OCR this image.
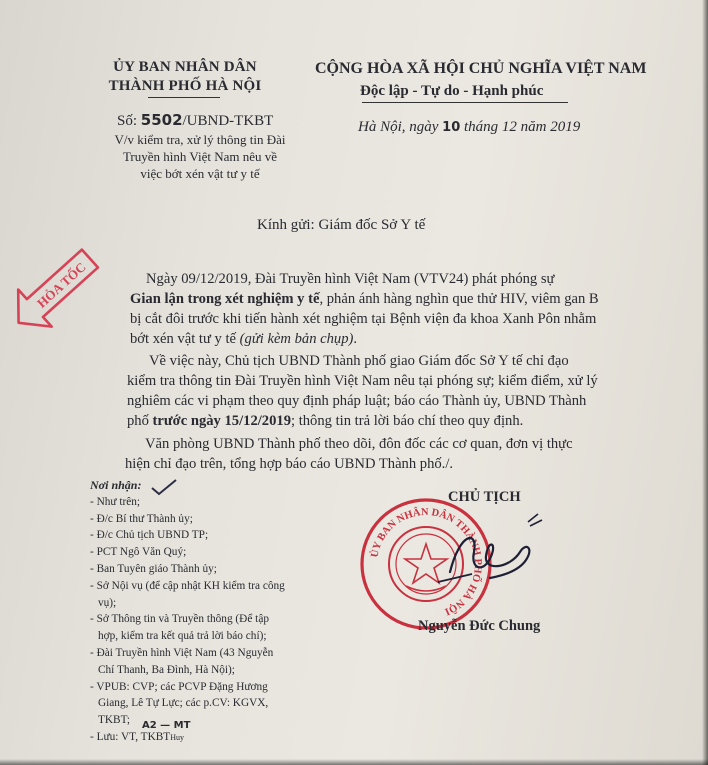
ỦY BAN NHÂN DÂN
THÀNH PHỐ HÀ NỘI
CỘNG HÒA XÃ HỘI CHỦ NGHĨA VIỆT NAM
Độc lập - Tự do - Hạnh phúc
Số: 5502/UBND-TKBT
V/v kiểm tra, xử lý thông tin Đài
Truyền hình Việt Nam nêu về
việc bớt xén vật tư y tế
Hà Nội, ngày 10 tháng 12 năm 2019
Kính gửi: Giám đốc Sở Y tế
HỎA TỐC	Ngày 09/12/2019, Đài Truyền hình Việt Nam (VTV24) phát phóng sự
Gian lận trong xét nghiệm y tế, phản ánh hàng nghìn que thử HIV, viêm gan B
bị cắt đôi trước khi tiến hành xét nghiệm tại Bệnh viện đa khoa Xanh Pôn nhằm
bớt xén vật tư y tế (gửi kèm bản chụp).
Về việc này, Chủ tịch UBND Thành phố giao Giám đốc Sở Y tế chỉ đạo
kiểm tra thông tin Đài Truyền hình Việt Nam nêu tại phóng sự; kiểm điểm, xử lý
nghiêm các vi phạm theo quy định pháp luật; báo cáo Thành ủy, UBND Thành
phố trước ngày 15/12/2019; thông tin trả lời báo chí theo quy định.
Văn phòng UBND Thành phố theo dõi, đôn đốc các cơ quan, đơn vị thực
hiện chỉ đạo trên, tổng hợp báo cáo UBND Thành phố./.
Nơi nhận:
- Như trên;
- Đ/c Bí thư Thành ủy;
- Đ/c Chủ tịch UBND TP;
- PCT Ngô Văn Quý;
- Ban Tuyên giáo Thành ủy;
- Sở Nội vụ (để cập nhật KH kiểm tra công
vụ);
- Sở Thông tin và Truyền thông (Để tập
hợp, kiểm tra kết quả trả lời báo chí);
- Đài Truyền hình Việt Nam (43 Nguyễn
Chí Thanh, Ba Đình, Hà Nội);
- VPUB: CVP; các PCVP Đặng Hương
Giang, Lê Tự Lực; các p.CV: KGVX,
TKBT;
- Lưu: VT, TKBTHuy
A2 — MT
CHỦ TỊCH
ỦY BAN NHÂN DÂN THÀNH PHỐ HÀ NỘI
Nguyễn Đức Chung
